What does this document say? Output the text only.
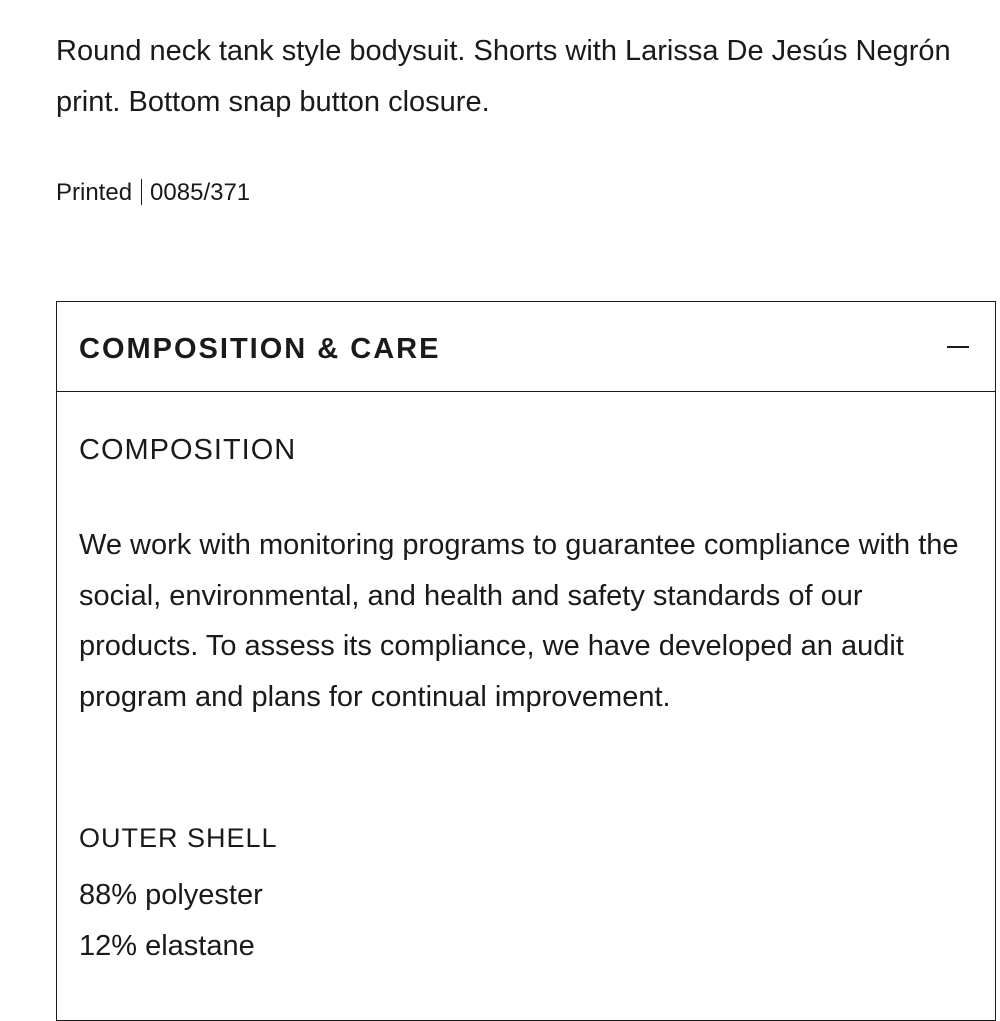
Round neck tank style bodysuit. Shorts with Larissa De Jesús Negrón print. Bottom snap button closure.

Printed 0085/371
COMPOSITION & CARE
COMPOSITION

We work with monitoring programs to guarantee compliance with the social, environmental, and health and safety standards of our products. To assess its compliance, we have developed an audit program and plans for continual improvement.

OUTER SHELL
88% polyester
12% elastane
